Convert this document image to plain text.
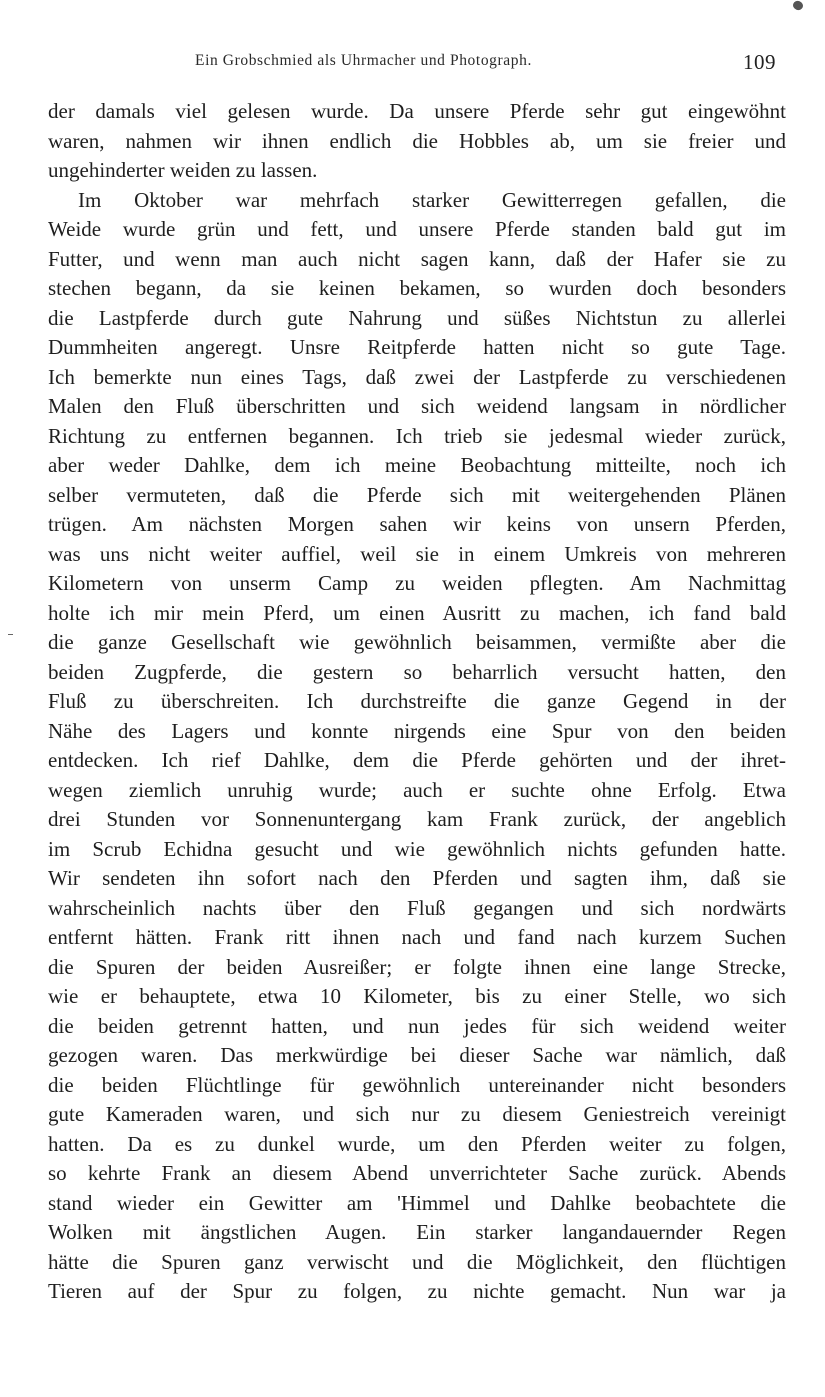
Ein Grobschmied als Uhrmacher und Photograph.	109
der damals viel gelesen wurde. Da unsere Pferde sehr gut eingewöhnt
waren, nahmen wir ihnen endlich die Hobbles ab, um sie freier und
ungehinderter weiden zu lassen.
Im Oktober war mehrfach starker Gewitterregen gefallen, die
Weide wurde grün und fett, und unsere Pferde standen bald gut im
Futter, und wenn man auch nicht sagen kann, daß der Hafer sie zu
stechen begann, da sie keinen bekamen, so wurden doch besonders
die Lastpferde durch gute Nahrung und süßes Nichtstun zu allerlei
Dummheiten angeregt. Unsre Reitpferde hatten nicht so gute Tage.
Ich bemerkte nun eines Tags, daß zwei der Lastpferde zu verschiedenen
Malen den Fluß überschritten und sich weidend langsam in nördlicher
Richtung zu entfernen begannen. Ich trieb sie jedesmal wieder zurück,
aber weder Dahlke, dem ich meine Beobachtung mitteilte, noch ich
selber vermuteten, daß die Pferde sich mit weitergehenden Plänen
trügen. Am nächsten Morgen sahen wir keins von unsern Pferden,
was uns nicht weiter auffiel, weil sie in einem Umkreis von mehreren
Kilometern von unserm Camp zu weiden pflegten. Am Nachmittag
holte ich mir mein Pferd, um einen Ausritt zu machen, ich fand bald
die ganze Gesellschaft wie gewöhnlich beisammen, vermißte aber die
beiden Zugpferde, die gestern so beharrlich versucht hatten, den
Fluß zu überschreiten. Ich durchstreifte die ganze Gegend in der
Nähe des Lagers und konnte nirgends eine Spur von den beiden
entdecken. Ich rief Dahlke, dem die Pferde gehörten und der ihret-
wegen ziemlich unruhig wurde; auch er suchte ohne Erfolg. Etwa
drei Stunden vor Sonnenuntergang kam Frank zurück, der angeblich
im Scrub Echidna gesucht und wie gewöhnlich nichts gefunden hatte.
Wir sendeten ihn sofort nach den Pferden und sagten ihm, daß sie
wahrscheinlich nachts über den Fluß gegangen und sich nordwärts
entfernt hätten. Frank ritt ihnen nach und fand nach kurzem Suchen
die Spuren der beiden Ausreißer; er folgte ihnen eine lange Strecke,
wie er behauptete, etwa 10 Kilometer, bis zu einer Stelle, wo sich
die beiden getrennt hatten, und nun jedes für sich weidend weiter
gezogen waren. Das merkwürdige bei dieser Sache war nämlich, daß
die beiden Flüchtlinge für gewöhnlich untereinander nicht besonders
gute Kameraden waren, und sich nur zu diesem Geniestreich vereinigt
hatten. Da es zu dunkel wurde, um den Pferden weiter zu folgen,
so kehrte Frank an diesem Abend unverrichteter Sache zurück. Abends
stand wieder ein Gewitter am 'Himmel und Dahlke beobachtete die
Wolken mit ängstlichen Augen. Ein starker langandauernder Regen
hätte die Spuren ganz verwischt und die Möglichkeit, den flüchtigen
Tieren auf der Spur zu folgen, zu nichte gemacht. Nun war ja
